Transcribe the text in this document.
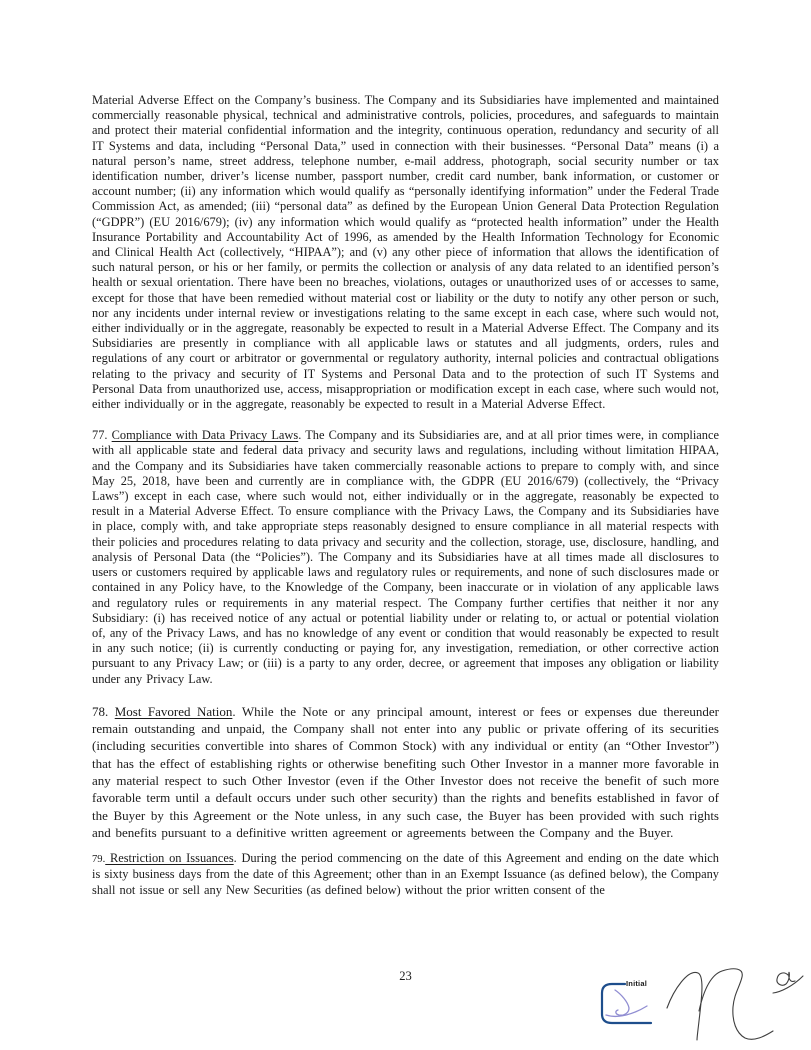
Material Adverse Effect on the Company’s business. The Company and its Subsidiaries have implemented and maintained commercially reasonable physical, technical and administrative controls, policies, procedures, and safeguards to maintain and protect their material confidential information and the integrity, continuous operation, redundancy and security of all IT Systems and data, including “Personal Data,” used in connection with their businesses. “Personal Data” means (i) a natural person’s name, street address, telephone number, e-mail address, photograph, social security number or tax identification number, driver’s license number, passport number, credit card number, bank information, or customer or account number; (ii) any information which would qualify as “personally identifying information” under the Federal Trade Commission Act, as amended; (iii) “personal data” as defined by the European Union General Data Protection Regulation (“GDPR”) (EU 2016/679); (iv) any information which would qualify as “protected health information” under the Health Insurance Portability and Accountability Act of 1996, as amended by the Health Information Technology for Economic and Clinical Health Act (collectively, “HIPAA”); and (v) any other piece of information that allows the identification of such natural person, or his or her family, or permits the collection or analysis of any data related to an identified person’s health or sexual orientation. There have been no breaches, violations, outages or unauthorized uses of or accesses to same, except for those that have been remedied without material cost or liability or the duty to notify any other person or such, nor any incidents under internal review or investigations relating to the same except in each case, where such would not, either individually or in the aggregate, reasonably be expected to result in a Material Adverse Effect. The Company and its Subsidiaries are presently in compliance with all applicable laws or statutes and all judgments, orders, rules and regulations of any court or arbitrator or governmental or regulatory authority, internal policies and contractual obligations relating to the privacy and security of IT Systems and Personal Data and to the protection of such IT Systems and Personal Data from unauthorized use, access, misappropriation or modification except in each case, where such would not, either individually or in the aggregate, reasonably be expected to result in a Material Adverse Effect.

77. Compliance with Data Privacy Laws. The Company and its Subsidiaries are, and at all prior times were, in compliance with all applicable state and federal data privacy and security laws and regulations, including without limitation HIPAA, and the Company and its Subsidiaries have taken commercially reasonable actions to prepare to comply with, and since May 25, 2018, have been and currently are in compliance with, the GDPR (EU 2016/679) (collectively, the “Privacy Laws”) except in each case, where such would not, either individually or in the aggregate, reasonably be expected to result in a Material Adverse Effect. To ensure compliance with the Privacy Laws, the Company and its Subsidiaries have in place, comply with, and take appropriate steps reasonably designed to ensure compliance in all material respects with their policies and procedures relating to data privacy and security and the collection, storage, use, disclosure, handling, and analysis of Personal Data (the “Policies”). The Company and its Subsidiaries have at all times made all disclosures to users or customers required by applicable laws and regulatory rules or requirements, and none of such disclosures made or contained in any Policy have, to the Knowledge of the Company, been inaccurate or in violation of any applicable laws and regulatory rules or requirements in any material respect. The Company further certifies that neither it nor any Subsidiary: (i) has received notice of any actual or potential liability under or relating to, or actual or potential violation of, any of the Privacy Laws, and has no knowledge of any event or condition that would reasonably be expected to result in any such notice; (ii) is currently conducting or paying for, any investigation, remediation, or other corrective action pursuant to any Privacy Law; or (iii) is a party to any order, decree, or agreement that imposes any obligation or liability under any Privacy Law.

78. Most Favored Nation. While the Note or any principal amount, interest or fees or expenses due thereunder remain outstanding and unpaid, the Company shall not enter into any public or private offering of its securities (including securities convertible into shares of Common Stock) with any individual or entity (an “Other Investor”) that has the effect of establishing rights or otherwise benefiting such Other Investor in a manner more favorable in any material respect to such Other Investor (even if the Other Investor does not receive the benefit of such more favorable term until a default occurs under such other security) than the rights and benefits established in favor of the Buyer by this Agreement or the Note unless, in any such case, the Buyer has been provided with such rights and benefits pursuant to a definitive written agreement or agreements between the Company and the Buyer.

79. Restriction on Issuances. During the period commencing on the date of this Agreement and ending on the date which is sixty business days from the date of this Agreement; other than in an Exempt Issuance (as defined below), the Company shall not issue or sell any New Securities (as defined below) without the prior written consent of the

23
Initial
